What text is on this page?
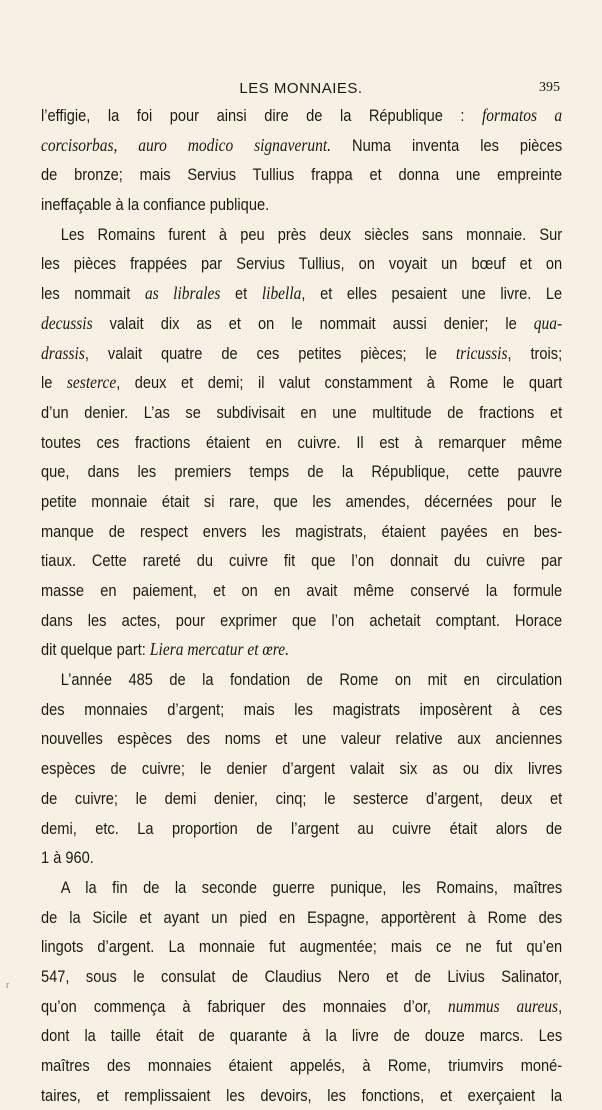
LES MONNAIES.	395
l’effigie, la foi pour ainsi dire de la République : formatos a
corcisorbas, auro modico signaverunt. Numa inventa les pièces
de bronze; mais Servius Tullius frappa et donna une empreinte
ineffaçable à la confiance publique.
Les Romains furent à peu près deux siècles sans monnaie. Sur
les pièces frappées par Servius Tullius, on voyait un bœuf et on
les nommait as librales et libella, et elles pesaient une livre. Le
decussis valait dix as et on le nommait aussi denier; le qua-
drassis, valait quatre de ces petites pièces; le tricussis, trois;
le sesterce, deux et demi; il valut constamment à Rome le quart
d’un denier. L’as se subdivisait en une multitude de fractions et
toutes ces fractions étaient en cuivre. Il est à remarquer même
que, dans les premiers temps de la République, cette pauvre
petite monnaie était si rare, que les amendes, décernées pour le
manque de respect envers les magistrats, étaient payées en bes-
tiaux. Cette rareté du cuivre fit que l’on donnait du cuivre par
masse en paiement, et on en avait même conservé la formule
dans les actes, pour exprimer que l’on achetait comptant. Horace
dit quelque part: Liera mercatur et œre.
L’année 485 de la fondation de Rome on mit en circulation
des monnaies d’argent; mais les magistrats imposèrent à ces
nouvelles espèces des noms et une valeur relative aux anciennes
espèces de cuivre; le denier d’argent valait six as ou dix livres
de cuivre; le demi denier, cinq; le sesterce d’argent, deux et
demi, etc. La proportion de l’argent au cuivre était alors de
1 à 960.
A la fin de la seconde guerre punique, les Romains, maîtres
de la Sicile et ayant un pied en Espagne, apportèrent à Rome des
lingots d’argent. La monnaie fut augmentée; mais ce ne fut qu’en
547, sous le consulat de Claudius Nero et de Livius Salinator,
qu’on commença à fabriquer des monnaies d’or, nummus aureus,
dont la taille était de quarante à la livre de douze marcs. Les
maîtres des monnaies étaient appelés, à Rome, triumvirs moné-
taires, et remplissaient les devoirs, les fonctions, et exerçaient la
r
